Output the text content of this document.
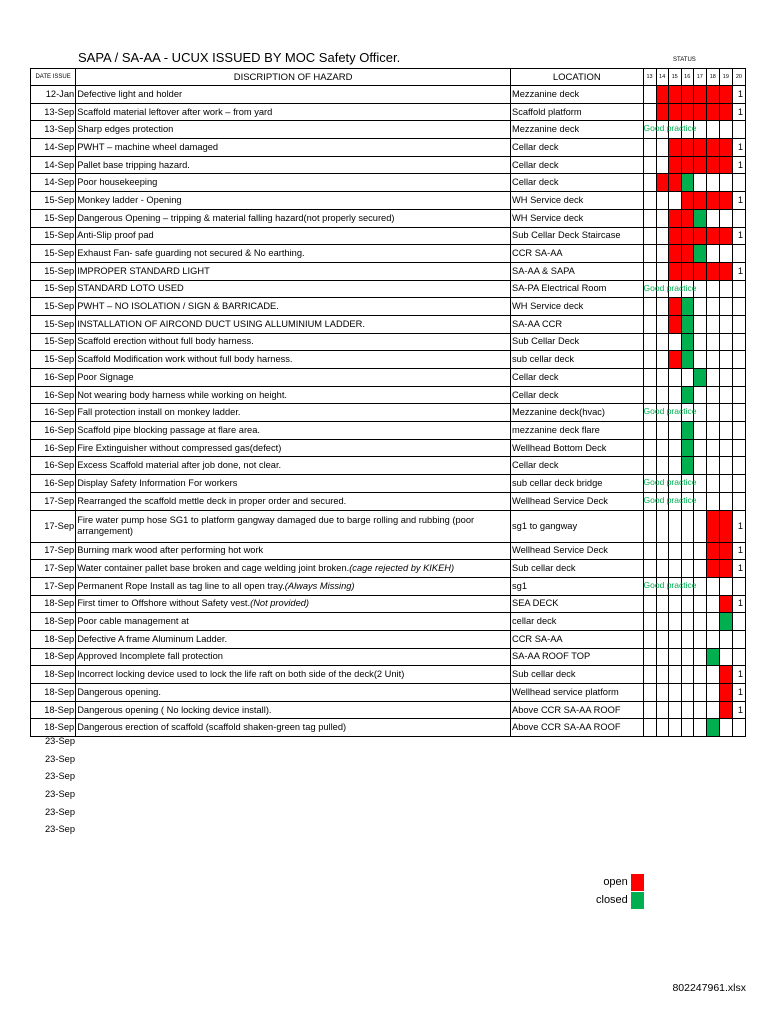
SAPA / SA-AA - UCUX ISSUED BY MOC Safety Officer.	STATUS
DATE ISSUE	DISCRIPTION OF HAZARD	LOCATION	13	14	15	16	17	18	19	20
12-Jan	Defective light and holder	Mezzanine deck								1
13-Sep	Scaffold material leftover after work – from yard	Scaffold platform								1
13-Sep	Sharp edges protection	Mezzanine deck	Good practice							

14-Sep	PWHT – machine wheel damaged	Cellar deck								1
14-Sep	Pallet base tripping hazard.	Cellar deck								1
14-Sep	Poor housekeeping	Cellar deck								
15-Sep	Monkey ladder - Opening	WH Service deck								1
15-Sep	Dangerous Opening – tripping & material falling hazard(not properly secured)	WH Service deck								
15-Sep	Anti-Slip proof pad	Sub Cellar Deck Staircase								1
15-Sep	Exhaust Fan- safe guarding not secured & No earthing.	CCR SA-AA								
15-Sep	IMPROPER STANDARD LIGHT	SA-AA & SAPA								1
15-Sep	STANDARD LOTO USED	SA-PA Electrical Room	Good practice							

15-Sep	PWHT – NO ISOLATION / SIGN & BARRICADE.	WH Service deck								
15-Sep	INSTALLATION OF AIRCOND DUCT USING ALLUMINIUM LADDER.	SA-AA CCR								
15-Sep	Scaffold erection without full body harness.	Sub Cellar Deck								
15-Sep	Scaffold Modification work without full body harness.	sub cellar deck								
16-Sep	Poor Signage	Cellar deck								
16-Sep	Not wearing body harness while working on height.	Cellar deck								
16-Sep	Fall protection install on monkey ladder.	Mezzanine deck(hvac)	Good practice							

16-Sep	Scaffold pipe blocking passage at flare area.	mezzanine deck flare								
16-Sep	Fire Extinguisher without compressed gas(defect)	Wellhead Bottom Deck								
16-Sep	Excess Scaffold material after job done, not clear.	Cellar deck								
16-Sep	Display Safety Information For workers	sub cellar deck bridge	Good practice							

17-Sep	Rearranged the scaffold mettle deck in proper order and secured.	Wellhead Service Deck	Good practice							

17-Sep	Fire water pump hose SG1 to platform gangway damaged due to barge rolling and rubbing (poor arrangement)	sg1 to gangway								1
17-Sep	Burning mark wood after performing hot work	Wellhead Service Deck								1
17-Sep	Water container pallet base broken and cage welding joint broken.(cage rejected by KIKEH)	Sub cellar deck								1
17-Sep	Permanent Rope Install as tag line to all open tray.(Always Missing)	sg1	Good practice							

18-Sep	First timer to Offshore without Safety vest.(Not provided)	SEA DECK								1
18-Sep	Poor cable management at	cellar deck								
18-Sep	Defective A frame Aluminum Ladder.	CCR SA-AA								
18-Sep	Approved Incomplete fall protection	SA-AA ROOF TOP								
18-Sep	Incorrect locking device used to lock the life raft on both side of the deck(2 Unit)	Sub cellar deck								1
18-Sep	Dangerous opening.	Wellhead service platform								1
18-Sep	Dangerous opening ( No locking device install).	Above CCR SA-AA ROOF								1
18-Sep	Dangerous erection of scaffold (scaffold shaken-green tag pulled)	Above CCR SA-AA ROOF								
23-Sep
23-Sep
23-Sep
23-Sep
23-Sep
23-Sep
open
closed
802247961.xlsx
